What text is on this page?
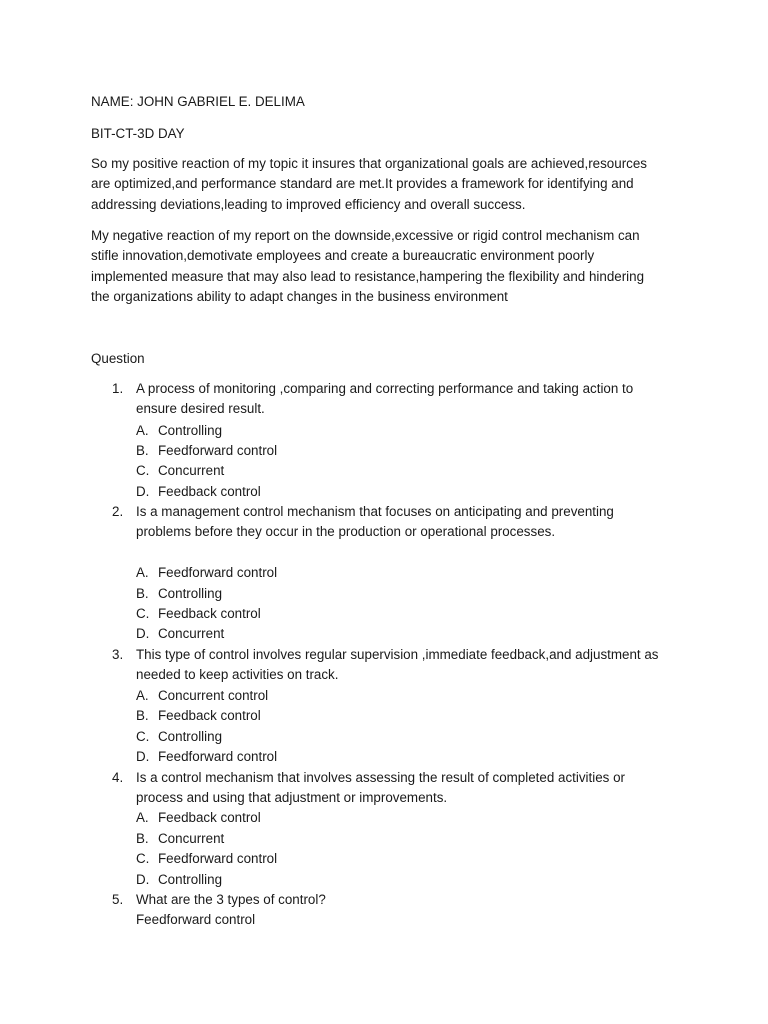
NAME: JOHN GABRIEL E. DELIMA
BIT-CT-3D DAY
So my positive reaction of my topic it insures that organizational goals are achieved,resources
are optimized,and performance standard are met.It provides a framework for identifying and
addressing deviations,leading to improved efficiency and overall success.
My negative reaction of my report on the downside,excessive or rigid control mechanism can
stifle innovation,demotivate employees and create a bureaucratic environment poorly
implemented measure that may also lead to resistance,hampering the flexibility and hindering
the organizations ability to adapt changes in the business environment
Question
1. A process of monitoring ,comparing and correcting performance and taking action to
ensure desired result.
A. Controlling
B. Feedforward control
C. Concurrent
D. Feedback control
2. Is a management control mechanism that focuses on anticipating and preventing
problems before they occur in the production or operational processes.
A. Feedforward control
B. Controlling
C. Feedback control
D. Concurrent
3. This type of control involves regular supervision ,immediate feedback,and adjustment as
needed to keep activities on track.
A. Concurrent control
B. Feedback control
C. Controlling
D. Feedforward control
4. Is a control mechanism that involves assessing the result of completed activities or
process and using that adjustment or improvements.
A. Feedback control
B. Concurrent
C. Feedforward control
D. Controlling
5. What are the 3 types of control?
Feedforward control
